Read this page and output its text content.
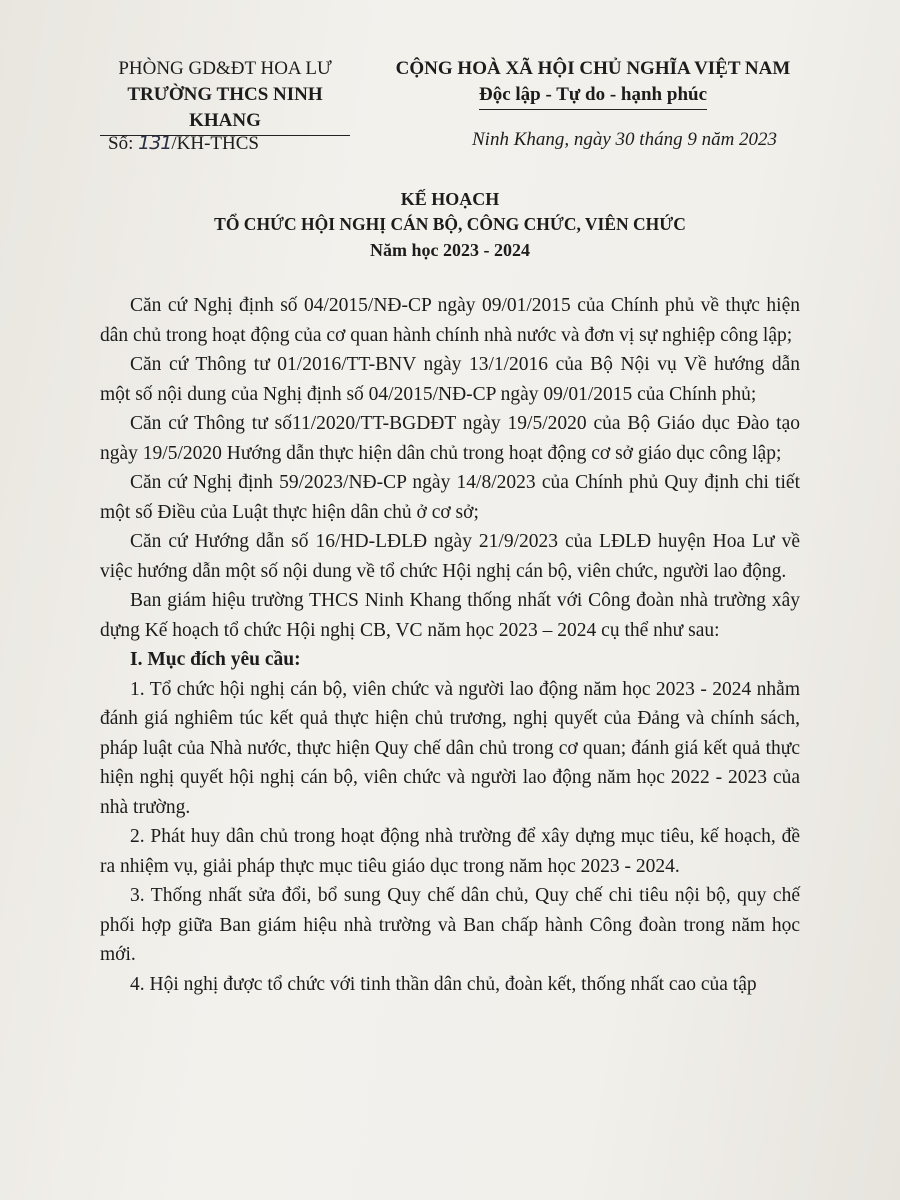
PHÒNG GD&ĐT HOA LƯ
TRƯỜNG THCS NINH KHANG
CỘNG HOÀ XÃ HỘI CHỦ NGHĨA VIỆT NAM
Độc lập - Tự do - hạnh phúc
Số: 131/KH-THCS	Ninh Khang, ngày 30 tháng 9 năm 2023
KẾ HOẠCH
TỔ CHỨC HỘI NGHỊ CÁN BỘ, CÔNG CHỨC, VIÊN CHỨC
Năm học 2023 - 2024

Căn cứ Nghị định số 04/2015/NĐ-CP ngày 09/01/2015 của Chính phủ về thực hiện dân chủ trong hoạt động của cơ quan hành chính nhà nước và đơn vị sự nghiệp công lập;

Căn cứ Thông tư 01/2016/TT-BNV ngày 13/1/2016 của Bộ Nội vụ Về hướng dẫn một số nội dung của Nghị định số 04/2015/NĐ-CP ngày 09/01/2015 của Chính phủ;

Căn cứ Thông tư số11/2020/TT-BGDĐT ngày 19/5/2020 của Bộ Giáo dục Đào tạo ngày 19/5/2020 Hướng dẫn thực hiện dân chủ trong hoạt động cơ sở giáo dục công lập;

Căn cứ Nghị định 59/2023/NĐ-CP ngày 14/8/2023 của Chính phủ Quy định chi tiết một số Điều của Luật thực hiện dân chủ ở cơ sở;

Căn cứ Hướng dẫn số 16/HD-LĐLĐ ngày 21/9/2023 của LĐLĐ huyện Hoa Lư về việc hướng dẫn một số nội dung về tổ chức Hội nghị cán bộ, viên chức, người lao động.

Ban giám hiệu trường THCS Ninh Khang thống nhất với Công đoàn nhà trường xây dựng Kế hoạch tổ chức Hội nghị CB, VC năm học 2023 – 2024 cụ thể như sau:

I. Mục đích yêu cầu:

1. Tổ chức hội nghị cán bộ, viên chức và người lao động năm học 2023 - 2024 nhằm đánh giá nghiêm túc kết quả thực hiện chủ trương, nghị quyết của Đảng và chính sách, pháp luật của Nhà nước, thực hiện Quy chế dân chủ trong cơ quan; đánh giá kết quả thực hiện nghị quyết hội nghị cán bộ, viên chức và người lao động năm học 2022 - 2023 của nhà trường.

2. Phát huy dân chủ trong hoạt động nhà trường để xây dựng mục tiêu, kế hoạch, đề ra nhiệm vụ, giải pháp thực mục tiêu giáo dục trong năm học 2023 - 2024.

3. Thống nhất sửa đổi, bổ sung Quy chế dân chủ, Quy chế chi tiêu nội bộ, quy chế phối hợp giữa Ban giám hiệu nhà trường và Ban chấp hành Công đoàn trong năm học mới.

4. Hội nghị được tổ chức với tinh thần dân chủ, đoàn kết, thống nhất cao của tập
